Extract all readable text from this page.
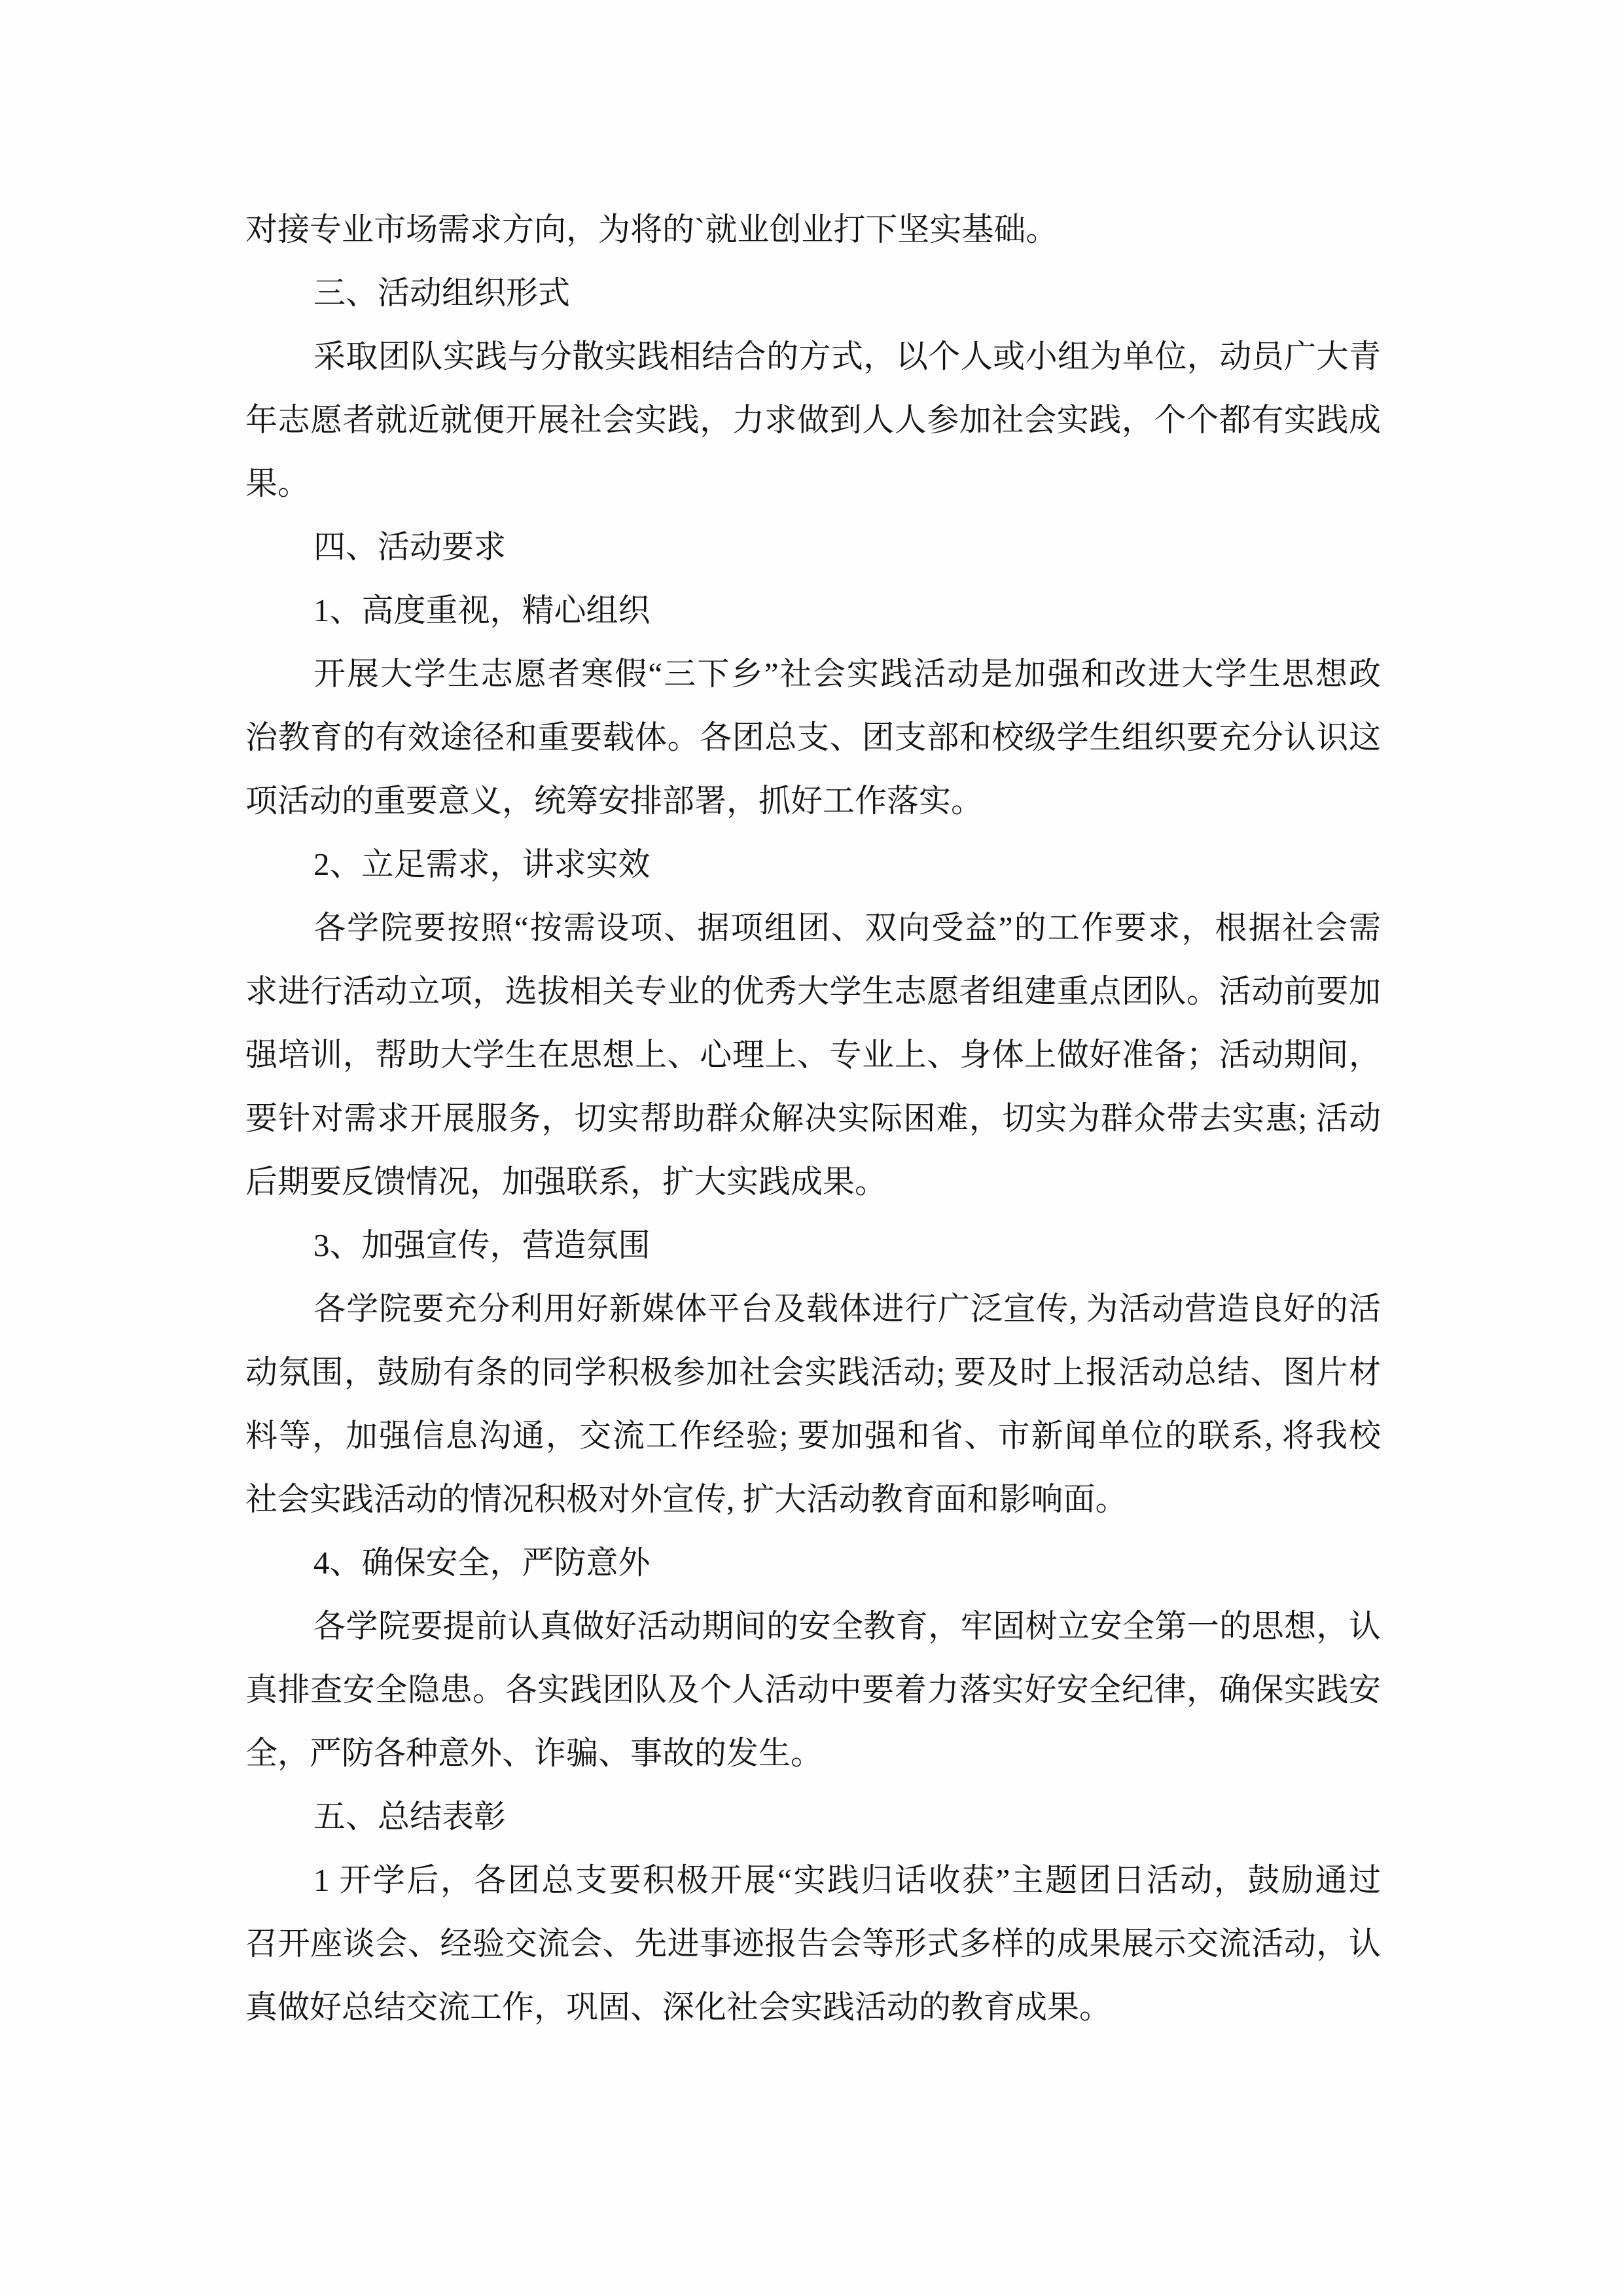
对接专业市场需求方向，为将的`就业创业打下坚实基础。
三、活动组织形式
采取团队实践与分散实践相结合的方式，以个人或小组为单位，动员广大青
年志愿者就近就便开展社会实践，力求做到人人参加社会实践，个个都有实践成
果。
四、活动要求
1、高度重视，精心组织
开展大学生志愿者寒假“三下乡”社会实践活动是加强和改进大学生思想政
治教育的有效途径和重要载体。各团总支、团支部和校级学生组织要充分认识这
项活动的重要意义，统筹安排部署，抓好工作落实。
2、立足需求，讲求实效
各学院要按照“按需设项、据项组团、双向受益”的工作要求，根据社会需
求进行活动立项，选拔相关专业的优秀大学生志愿者组建重点团队。活动前要加
强培训，帮助大学生在思想上、心理上、专业上、身体上做好准备；活动期间，
要针对需求开展服务，切实帮助群众解决实际困难，切实为群众带去实惠; 活动
后期要反馈情况，加强联系，扩大实践成果。
3、加强宣传，营造氛围
各学院要充分利用好新媒体平台及载体进行广泛宣传, 为活动营造良好的活
动氛围，鼓励有条的同学积极参加社会实践活动; 要及时上报活动总结、图片材
料等，加强信息沟通，交流工作经验; 要加强和省、市新闻单位的联系, 将我校
社会实践活动的情况积极对外宣传, 扩大活动教育面和影响面。
4、确保安全，严防意外
各学院要提前认真做好活动期间的安全教育，牢固树立安全第一的思想，认
真排查安全隐患。各实践团队及个人活动中要着力落实好安全纪律，确保实践安
全，严防各种意外、诈骗、事故的发生。
五、总结表彰
1 开学后，各团总支要积极开展“实践归话收获”主题团日活动，鼓励通过
召开座谈会、经验交流会、先进事迹报告会等形式多样的成果展示交流活动，认
真做好总结交流工作，巩固、深化社会实践活动的教育成果。
